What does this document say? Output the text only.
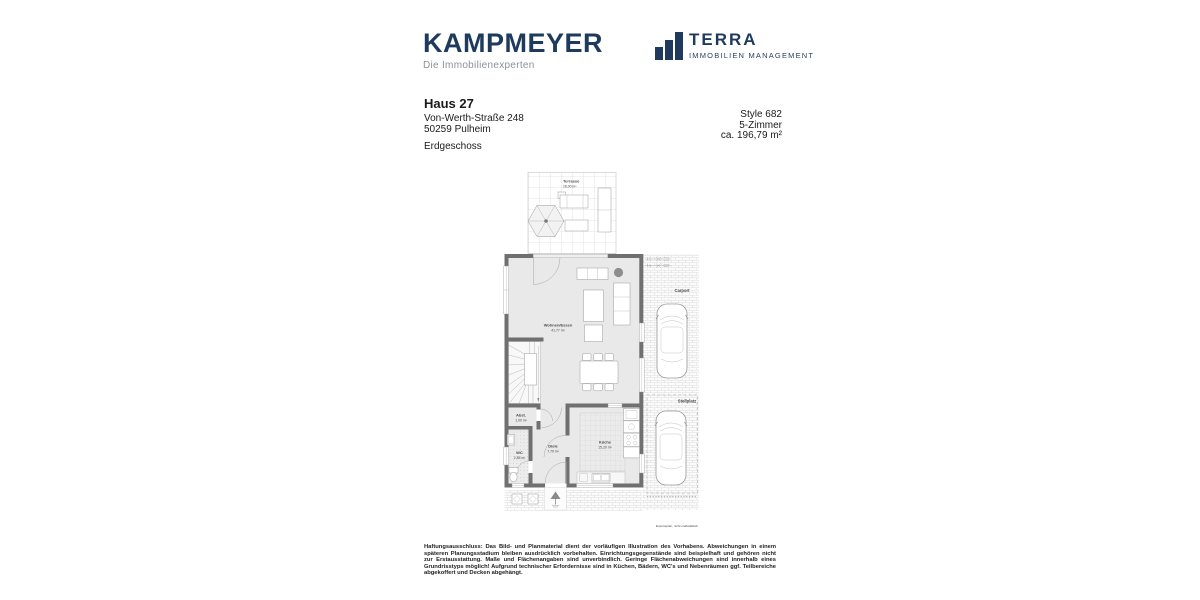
KAMPMEYER
Die Immobilienexperten
TERRA
IMMOBILIEN MANAGEMENT
Haus 27
Von-Werth-Straße 248
50259 Pulheim
Style 682
5-Zimmer
ca. 196,79 m²
Erdgeschoss
Terrasse
18,00 m²
Carport
Stellplatz
Wohnen/Essen
41,77 m²
Abst.
1,00 m²
Diele
7,79 m²
WC
2,85 m²
Küche
15,20 m²
Exposéplan, nicht maßstäblich
Haftungsausschluss: Das Bild- und Planmaterial dient der vorläufigen Illustration des Vorhabens. Abweichungen in einem späteren Planungsstadium bleiben ausdrücklich vorbehalten. Einrichtungsgegenstände sind beispielhaft und gehören nicht zur Erstausstattung. Maße und Flächenangaben sind unverbindlich. Geringe Flächenabweichungen sind innerhalb eines Grundrisstyps möglich! Aufgrund technischer Erfordernisse sind in Küchen, Bädern, WC's und Nebenräumen ggf. Teilbereiche abgekoffert und Decken abgehängt.
